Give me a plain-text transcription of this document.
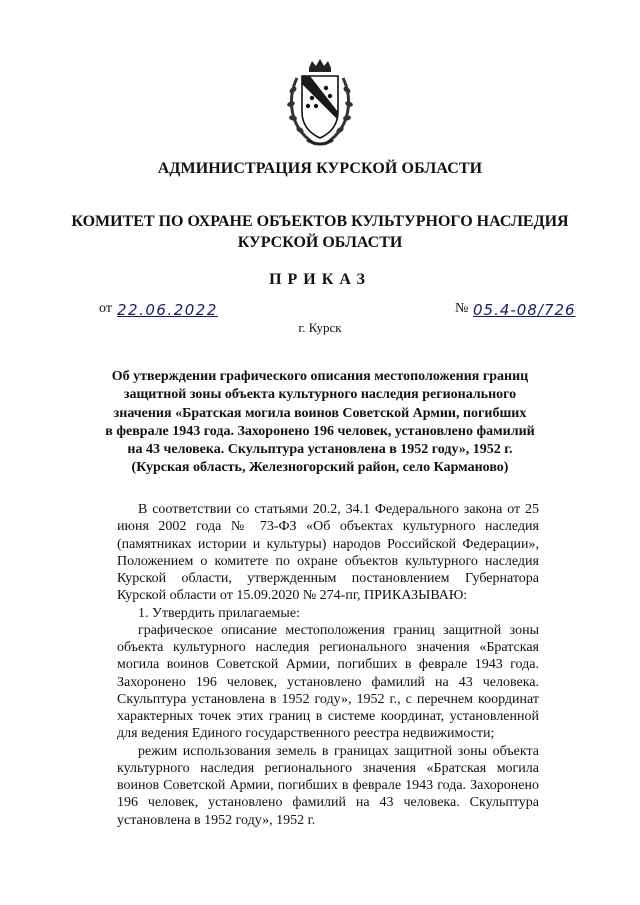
АДМИНИСТРАЦИЯ КУРСКОЙ ОБЛАСТИ
КОМИТЕТ ПО ОХРАНЕ ОБЪЕКТОВ КУЛЬТУРНОГО НАСЛЕДИЯ
КУРСКОЙ ОБЛАСТИ
ПРИКАЗ
от 22.06.2022	№ 05.4-08/726
г. Курск
Об утверждении графического описания местоположения границ
защитной зоны объекта культурного наследия регионального
значения «Братская могила воинов Советской Армии, погибших
в феврале 1943 года. Захоронено 196 человек, установлено фамилий
на 43 человека. Скульптура установлена в 1952 году», 1952 г.
(Курская область, Железногорский район, село Карманово)

В соответствии со статьями 20.2, 34.1 Федерального закона от 25 июня 2002 года № 73-ФЗ «Об объектах культурного наследия (памятниках истории и культуры) народов Российской Федерации», Положением о комитете по охране объектов культурного наследия Курской области, утвержденным постановлением Губернатора Курской области от 15.09.2020 № 274-пг, ПРИКАЗЫВАЮ:

1. Утвердить прилагаемые:

графическое описание местоположения границ защитной зоны объекта культурного наследия регионального значения «Братская могила воинов Советской Армии, погибших в феврале 1943 года. Захоронено 196 человек, установлено фамилий на 43 человека. Скульптура установлена в 1952 году», 1952 г., с перечнем координат характерных точек этих границ в системе координат, установленной для ведения Единого государственного реестра недвижимости;

режим использования земель в границах защитной зоны объекта культурного наследия регионального значения «Братская могила воинов Советской Армии, погибших в феврале 1943 года. Захоронено 196 человек, установлено фамилий на 43 человека. Скульптура установлена в 1952 году», 1952 г.
